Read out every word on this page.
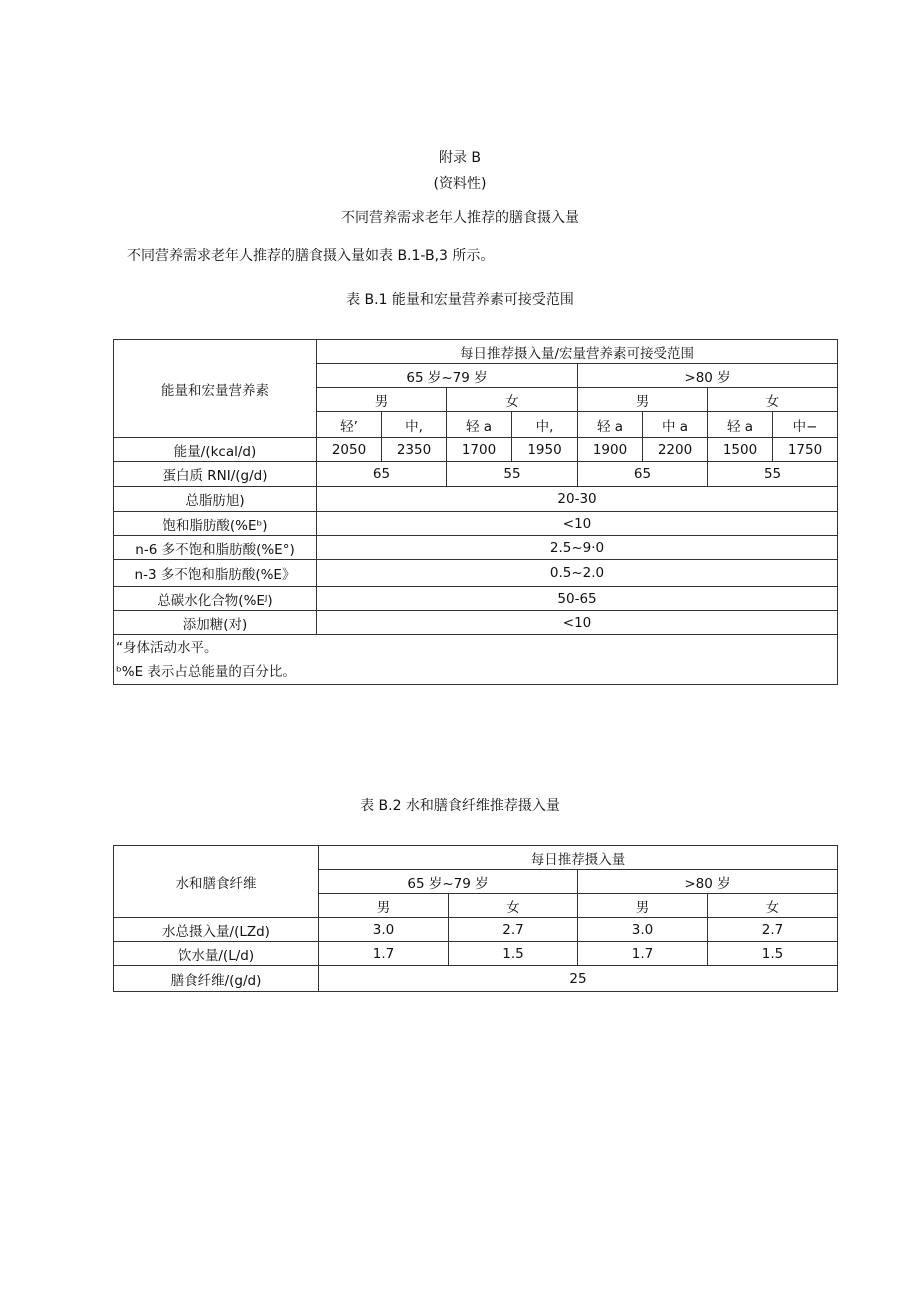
附录 B
(资料性)
不同营养需求老年人推荐的膳食摄入量
不同营养需求老年人推荐的膳食摄入量如表 B.1-B,3 所示。
表 B.1 能量和宏量营养素可接受范围
能量和宏量营养素	每日推荐摄入量/宏量营养素可接受范围							
	65 岁~79 岁				>80 岁			
	男		女		男		女	
	轻’	中,	轻 a	中,	轻 a	中 a	轻 a	中−
能量/(kcal/d)	2050	2350	1700	1950	1900	2200	1500	1750
蛋白质 RNI/(g/d)	65		55		65		55	
总脂肪旭)	20-30							
饱和脂肪酸(%Eᵇ)	<10							
n-6 多不饱和脂肪酸(%E°)	2.5~9·0							
n-3 多不饱和脂肪酸(%E》	0.5~2.0							
总碳水化合物(%Eᴶ)	50-65							
添加糖(对)	<10							

“身体活动水平。
ᵇ%E 表示占总能量的百分比。								
表 B.2 水和膳食纤维推荐摄入量
水和膳食纤维	每日推荐摄入量			
	65 岁~79 岁		>80 岁	
	男	女	男	女
水总摄入量/(LZd)	3.0	2.7	3.0	2.7
饮水量/(L/d)	1.7	1.5	1.7	1.5
膳食纤维/(g/d)	25			
